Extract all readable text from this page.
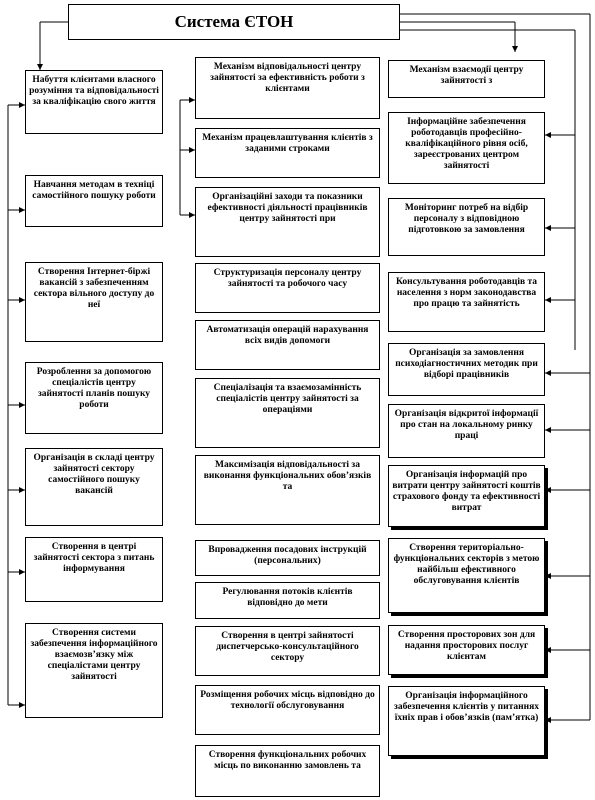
Система ЄТОН
Набуття клієнтами власного розуміння та відповідальності за кваліфікацію свого життя
Навчання методам в техніці самостійного пошуку роботи
Створення Інтернет-біржі вакансій з забезпеченням сектора вільного доступу до неї
Розроблення за допомогою спеціалістів центру зайнятості планів пошуку роботи
Організація в складі центру зайнятості сектору самостійного пошуку вакансій
Створення в центрі зайнятості сектора з питань інформування
Створення системи забезпечення інформаційного взаємозв’язку між спеціалістами центру зайнятості
Механізм відповідальності центру зайнятості за ефективність роботи з клієнтами
Механізм працевлаштування клієнтів з заданими строками
Організаційні заходи та показники ефективності діяльності працівників центру зайнятості при
Структуризація персоналу центру зайнятості та робочого часу
Автоматизація операцій нарахування всіх видів допомоги
Спеціалізація та взаємозамінність спеціалістів центру зайнятості за операціями
Максимізація відповідальності за виконання функціональних обов’язків та
Впровадження посадових інструкцій (персональних)
Регулювання потоків клієнтів відповідно до мети
Створення в центрі зайнятості диспетчерсько-консультаційного сектору
Розміщення робочих місць відповідно до технології обслуговування
Створення функціональних робочих місць по виконанню замовлень та
Механізм взаємодії центру зайнятості з
Інформаційне забезпечення роботодавців професійно-кваліфікаційного рівня осіб, зареєстрованих центром зайнятості
Моніторинг потреб на відбір персоналу з відповідною підготовкою за замовлення
Консультування роботодавців та населення з норм законодавства про працю та зайнятість
Організація за замовлення психодіагностичних методик при відборі працівників
Організація відкритої інформації про стан на локальному ринку праці
Організація інформацій про витрати центру зайнятості коштів страхового фонду та ефективності витрат
Створення територіально-функціональних секторів з метою найбільш ефективного обслуговування клієнтів
Створення просторових зон для надання просторових послуг клієнтам
Організація інформаційного забезпечення клієнтів у питаннях їхніх прав і обов’язків (пам’ятка)
